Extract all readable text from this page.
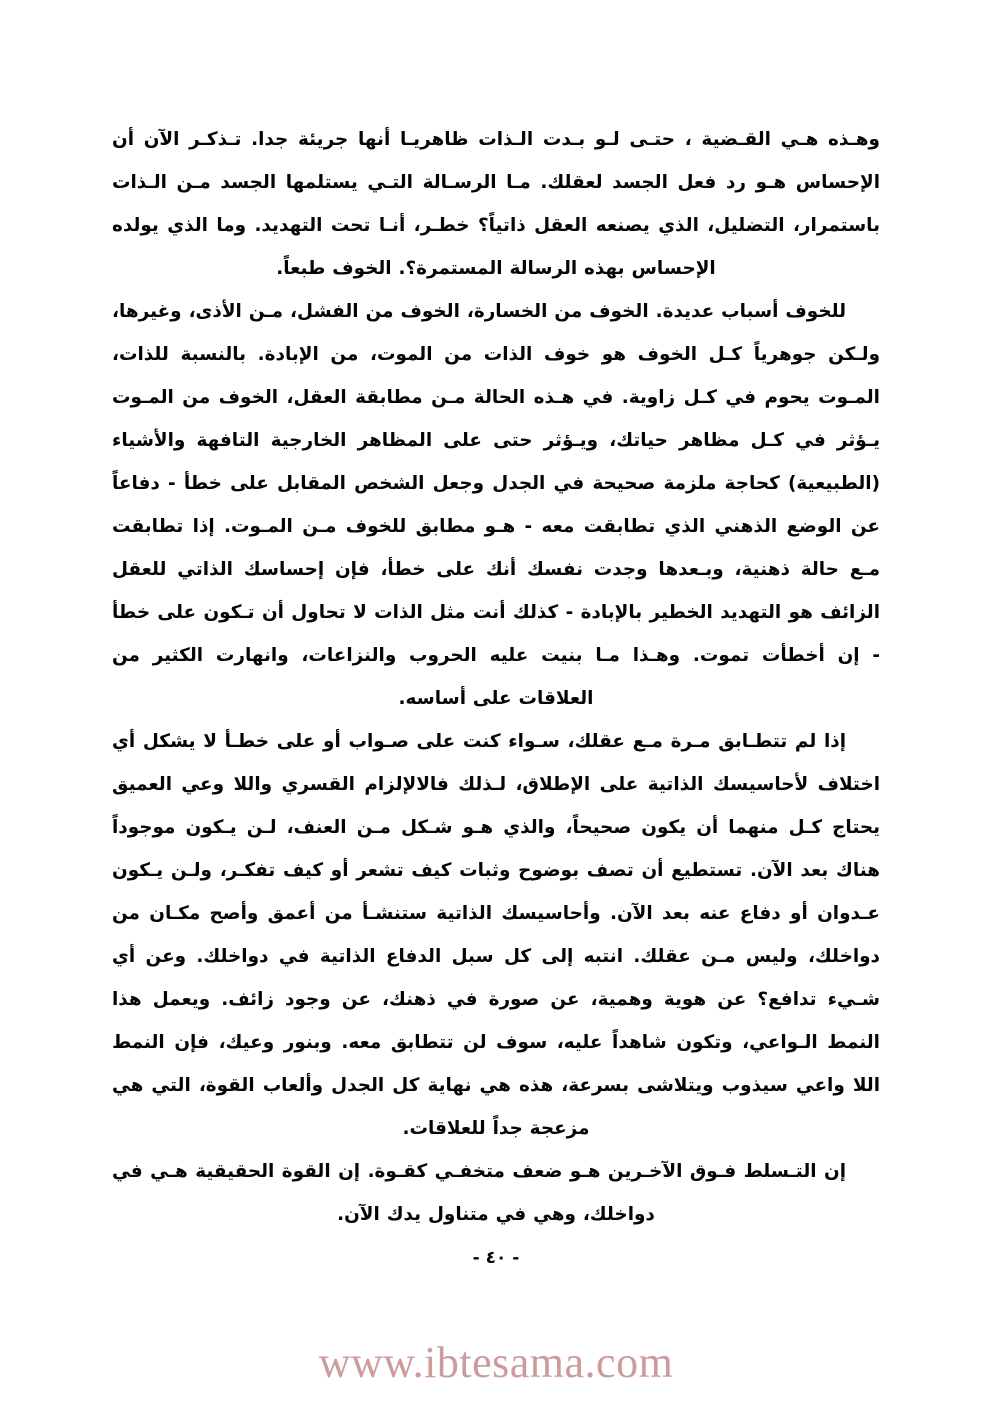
وهـذه هـي القـضية ، حتـى لـو بـدت الـذات ظاهريـا أنها جريئة جدا. تـذكـر الآن أن الإحساس هـو رد فعل الجسد لعقلك. مـا الرسـالة التـي يستلمها الجسد مـن الـذات باستمرار، التضليل، الذي يصنعه العقل ذاتياً؟ خطـر، أنـا تحت التهديد. وما الذي يولده الإحساس بهذه الرسالة المستمرة؟. الخوف طبعاً.

للخوف أسباب عديدة. الخوف من الخسارة، الخوف من الفشل، مـن الأذى، وغيرها، ولـكن جوهرياً كـل الخوف هو خوف الذات من الموت، من الإبادة. بالنسبة للذات، المـوت يحوم في كـل زاوية. في هـذه الحالة مـن مطابقة العقل، الخوف من المـوت يـؤثر في كـل مظاهر حياتك، ويـؤثر حتى على المظاهر الخارجية التافهة والأشياء (الطبيعية) كحاجة ملزمة صحيحة في الجدل وجعل الشخص المقابل على خطأ - دفاعاً عن الوضع الذهني الذي تطابقت معه - هـو مطابق للخوف مـن المـوت. إذا تطابقت مـع حالة ذهنية، وبـعدها وجدت نفسك أنك على خطأ، فإن إحساسك الذاتي للعقل الزائف هو التهديد الخطير بالإبادة - كذلك أنت مثل الذات لا تحاول أن تـكون على خطأ - إن أخطأت تموت. وهـذا مـا بنيت عليه الحروب والنزاعات، وانهارت الكثير من العلاقات على أساسه.

إذا لم تتطـابق مـرة مـع عقلك، سـواء كنت على صـواب أو على خطـأ لا يشكل أي اختلاف لأحاسيسك الذاتية على الإطلاق، لـذلك فالالإلزام القسري واللا وعي العميق يحتاج كـل منهما أن يكون صحيحاً، والذي هـو شـكل مـن العنف، لـن يـكون موجوداً هناك بعد الآن. تستطيع أن تصف بوضوح وثبات كيف تشعر أو كيف تفكـر، ولـن يـكون عـدوان أو دفاع عنه بعد الآن. وأحاسيسك الذاتية ستنشـأ من أعمق وأصح مكـان من دواخلك، وليس مـن عقلك. انتبه إلى كل سبل الدفاع الذاتية في دواخلك. وعن أي شـيء تدافع؟ عن هوية وهمية، عن صورة في ذهنك، عن وجود زائف. ويعمل هذا النمط الـواعي، وتكون شاهداً عليه، سوف لن تتطابق معه. وبنور وعيك، فإن النمط اللا واعي سيذوب ويتلاشى بسرعة، هذه هي نهاية كل الجدل وألعاب القوة، التي هي مزعجة جداً للعلاقات.

إن التـسلط فـوق الآخـرين هـو ضعف متخفـي كقـوة. إن القوة الحقيقية هـي في دواخلك، وهي في متناول يدك الآن.

- ٤٠ -
www.ibtesama.com
